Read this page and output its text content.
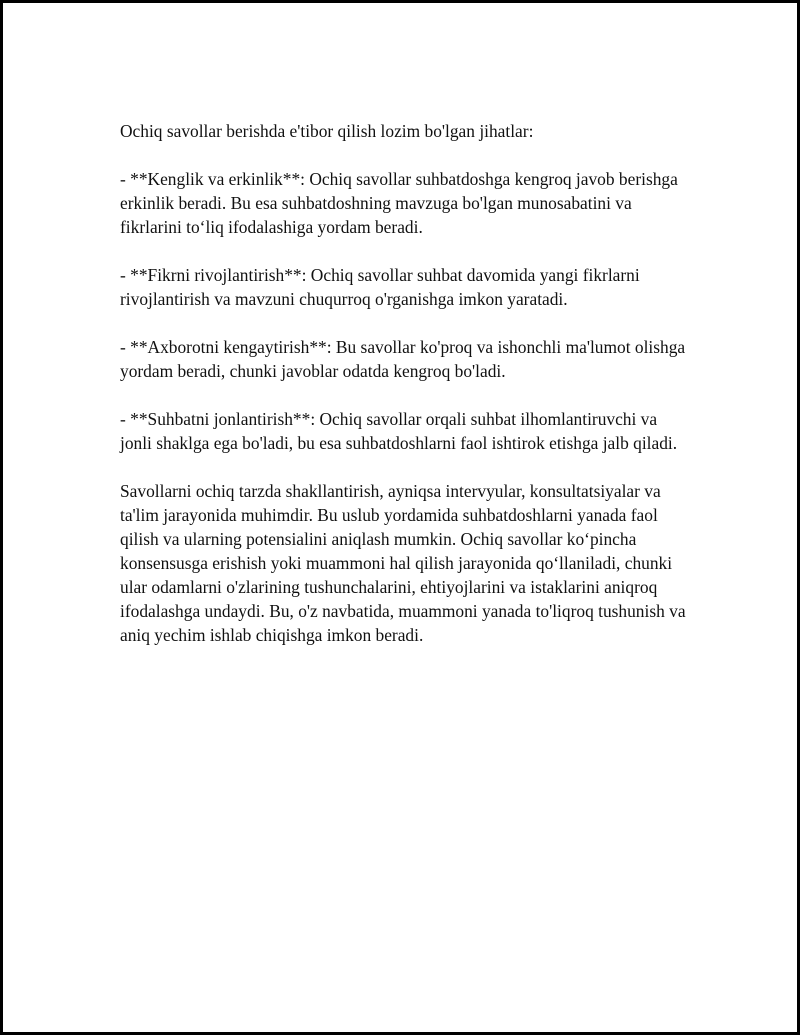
Ochiq savollar berishda e'tibor qilish lozim bo'lgan jihatlar:

- **Kenglik va erkinlik**: Ochiq savollar suhbatdoshga kengroq javob berishga erkinlik beradi. Bu esa suhbatdoshning mavzuga bo'lgan munosabatini va fikrlarini to‘liq ifodalashiga yordam beradi.

- **Fikrni rivojlantirish**: Ochiq savollar suhbat davomida yangi fikrlarni rivojlantirish va mavzuni chuqurroq o'rganishga imkon yaratadi.

- **Axborotni kengaytirish**: Bu savollar ko'proq va ishonchli ma'lumot olishga yordam beradi, chunki javoblar odatda kengroq bo'ladi.

- **Suhbatni jonlantirish**: Ochiq savollar orqali suhbat ilhomlantiruvchi va jonli shaklga ega bo'ladi, bu esa suhbatdoshlarni faol ishtirok etishga jalb qiladi.

Savollarni ochiq tarzda shakllantirish, ayniqsa intervyular, konsultatsiyalar va ta'lim jarayonida muhimdir. Bu uslub yordamida suhbatdoshlarni yanada faol qilish va ularning potensialini aniqlash mumkin. Ochiq savollar ko‘pincha konsensusga erishish yoki muammoni hal qilish jarayonida qo‘llaniladi, chunki ular odamlarni o'zlarining tushunchalarini, ehtiyojlarini va istaklarini aniqroq ifodalashga undaydi. Bu, o'z navbatida, muammoni yanada to'liqroq tushunish va aniq yechim ishlab chiqishga imkon beradi.
